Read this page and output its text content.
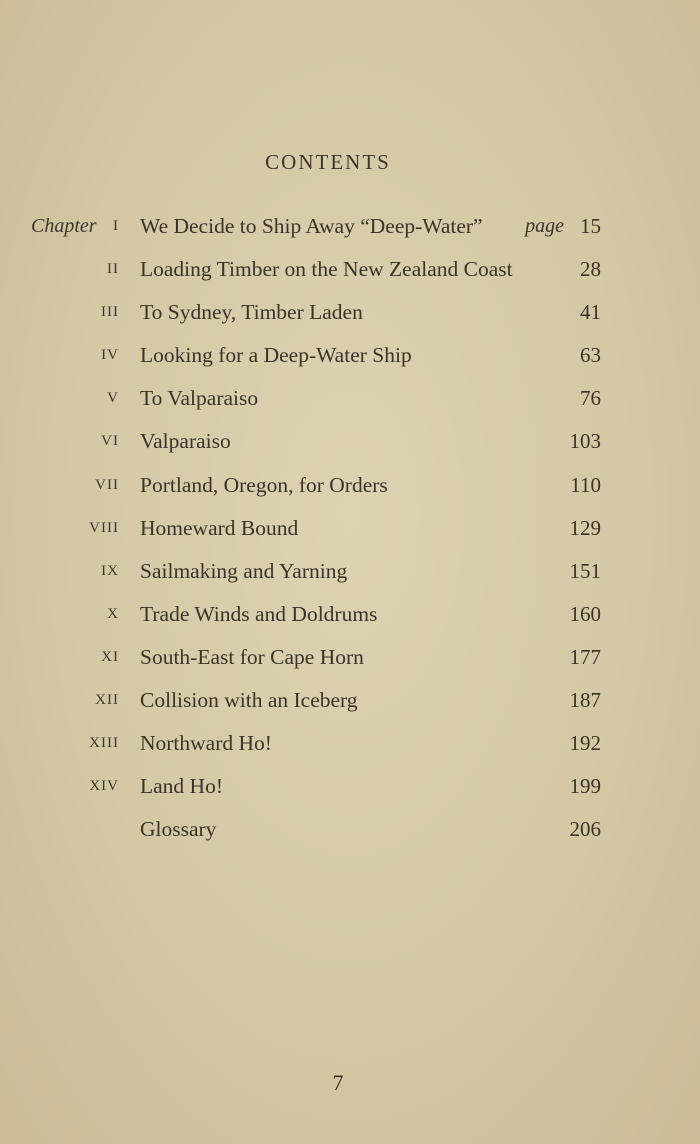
CONTENTS
Chapter I We Decide to Ship Away “Deep-Water” page 15
II Loading Timber on the New Zealand Coast	28
III To Sydney, Timber Laden	41
IV Looking for a Deep-Water Ship	63
V To Valparaiso	76
VI Valparaiso	103
VII Portland, Oregon, for Orders	110
VIII Homeward Bound	129
IX Sailmaking and Yarning	151
X Trade Winds and Doldrums	160
XI South-East for Cape Horn	177
XII Collision with an Iceberg	187
XIII Northward Ho!	192
XIV Land Ho!	199
Glossary	206
7
